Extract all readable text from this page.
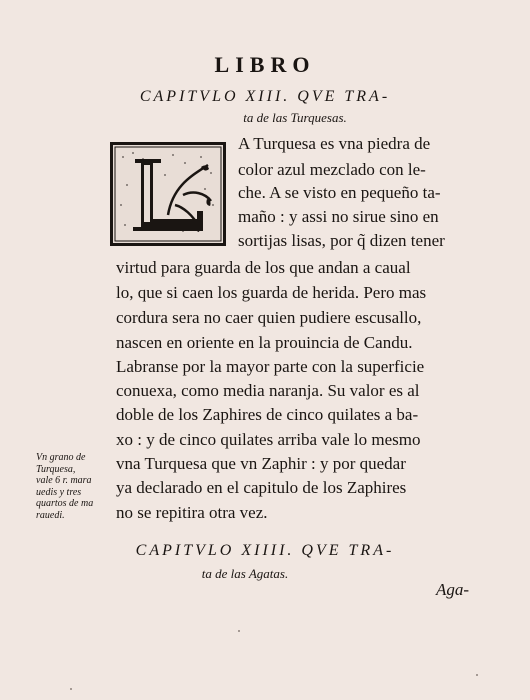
LIBRO
CAPITVLO XIII. QVE TRA-
ta de las Turquesas.
A Turquesa es vna piedra de
color azul mezclado con le-
che. A se visto en pequeño ta-
maño : y assi no sirue sino en
sortijas lisas, por q̃ dizen tener
virtud para guarda de los que andan a caual
lo, que si caen los guarda de herida. Pero mas
cordura sera no caer quien pudiere escusallo,
nascen en oriente en la prouincia de Candu.
Labranse por la mayor parte con la superficie
conuexa, como media naranja. Su valor es al
doble de los Zaphires de cinco quilates a ba-
xo : y de cinco quilates arriba vale lo mesmo
vna Turquesa que vn Zaphir : y por quedar
ya declarado en el capitulo de los Zaphires
no se repitira otra vez.
Vn grano de
Turquesa,
vale 6 r. mara
uedis y tres
quartos de ma
rauedi.
CAPITVLO XIIII. QVE TRA-
ta de las Agatas.
Aga-
